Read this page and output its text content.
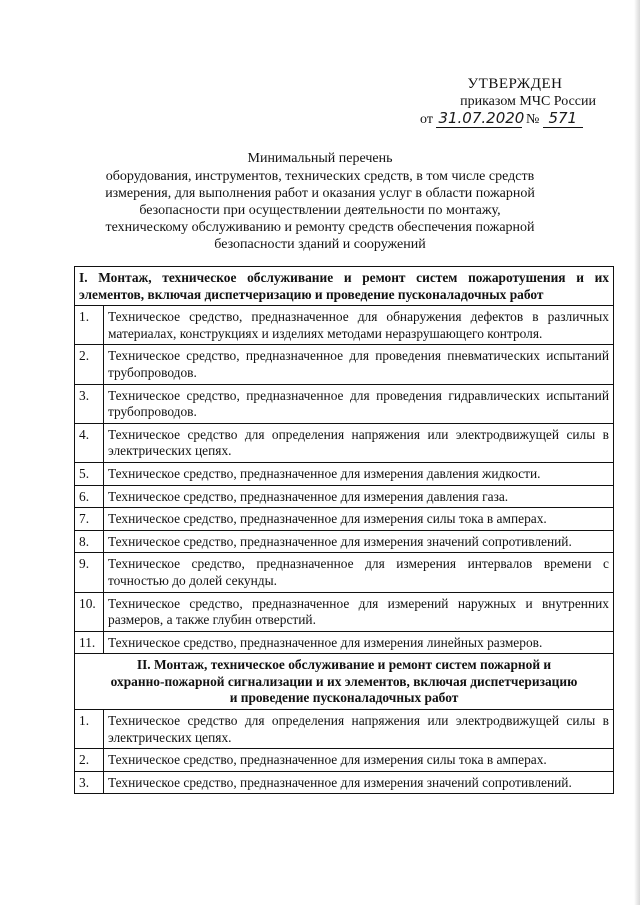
УТВЕРЖДЕН
приказом МЧС России
от 31.07.2020 № 571
Минимальный перечень
оборудования, инструментов, технических средств, в том числе средств измерения, для выполнения работ и оказания услуг в области пожарной безопасности при осуществлении деятельности по монтажу, техническому обслуживанию и ремонту средств обеспечения пожарной безопасности зданий и сооружений
I. Монтаж, техническое обслуживание и ремонт систем пожаротушения и их
элементов, включая диспетчеризацию и проведение пусконаладочных работ	

1.	Техническое средство, предназначенное для обнаружения дефектов в различных материалах, конструкциях и изделиях методами неразрушающего контроля.
2.	Техническое средство, предназначенное для проведения пневматических испытаний трубопроводов.
3.	Техническое средство, предназначенное для проведения гидравлических испытаний трубопроводов.
4.	Техническое средство для определения напряжения или электродвижущей силы в электрических цепях.
5.	Техническое средство, предназначенное для измерения давления жидкости.
6.	Техническое средство, предназначенное для измерения давления газа.
7.	Техническое средство, предназначенное для измерения силы тока в амперах.
8.	Техническое средство, предназначенное для измерения значений сопротивлений.
9.	Техническое средство, предназначенное для измерения интервалов времени с точностью до долей секунды.
10.	Техническое средство, предназначенное для измерений наружных и внутренних размеров, а также глубин отверстий.
11.	Техническое средство, предназначенное для измерения линейных размеров.

II. Монтаж, техническое обслуживание и ремонт систем пожарной и
охранно-пожарной сигнализации и их элементов, включая диспетчеризацию
и проведение пусконаладочных работ	

1.	Техническое средство для определения напряжения или электродвижущей силы в электрических цепях.
2.	Техническое средство, предназначенное для измерения силы тока в амперах.
3.	Техническое средство, предназначенное для измерения значений сопротивлений.
